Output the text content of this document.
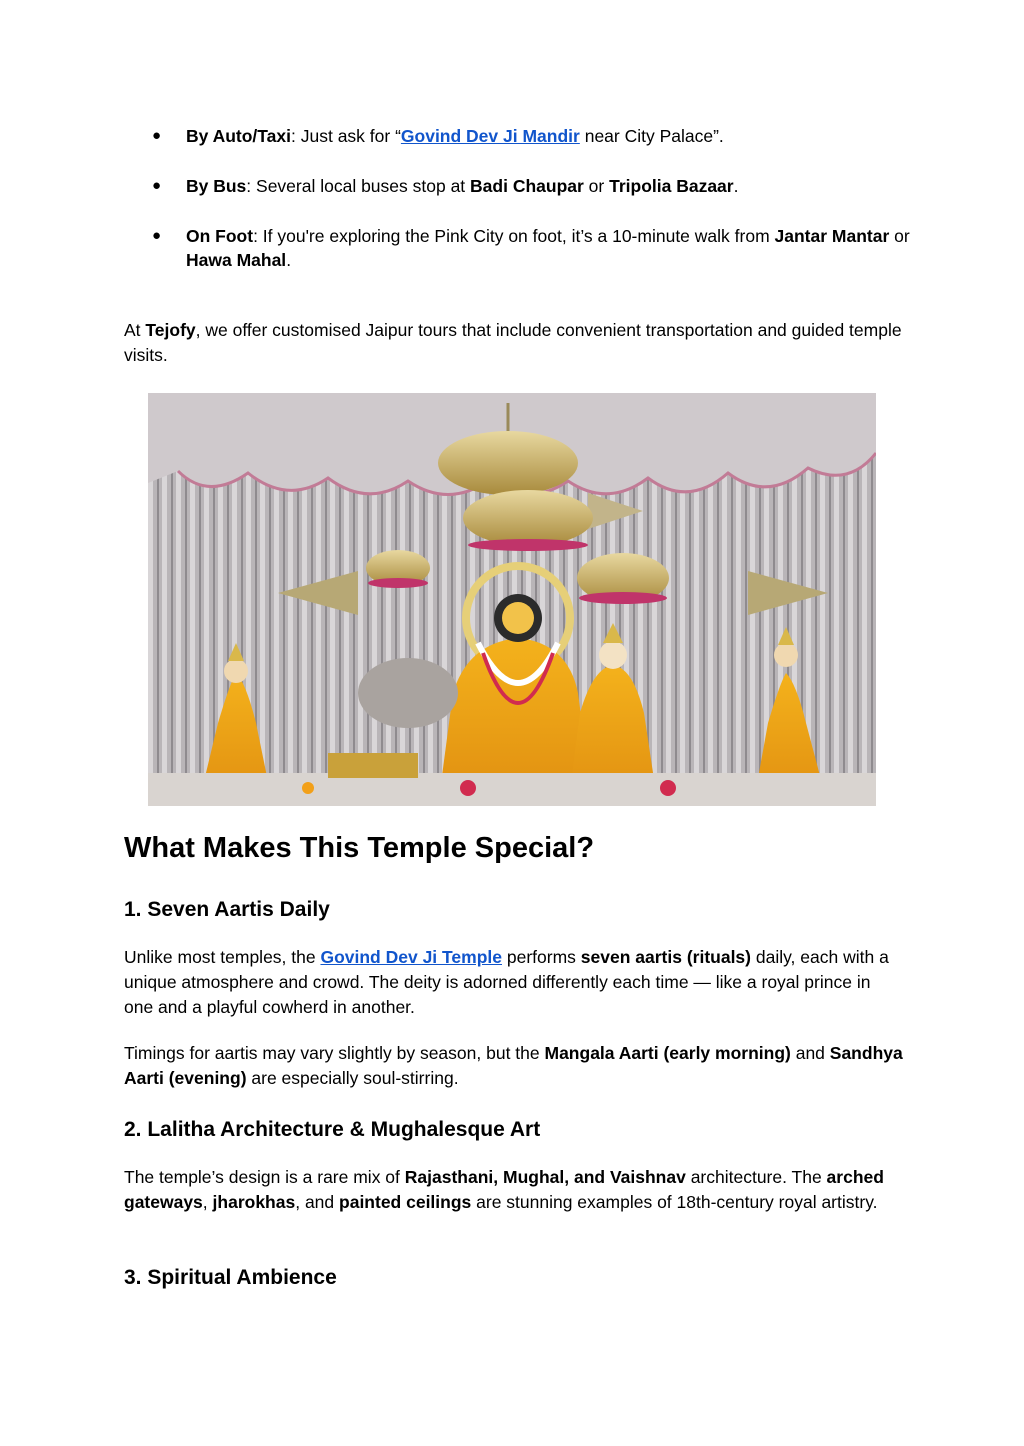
● By Auto/Taxi: Just ask for “Govind Dev Ji Mandir near City Palace”.
● By Bus: Several local buses stop at Badi Chaupar or Tripolia Bazaar.
● On Foot: If you're exploring the Pink City on foot, it’s a 10-minute walk from Jantar Mantar or Hawa Mahal.

At Tejofy, we offer customised Jaipur tours that include convenient transportation and guided temple visits.

What Makes This Temple Special?
1. Seven Aartis Daily

Unlike most temples, the Govind Dev Ji Temple performs seven aartis (rituals) daily, each with a unique atmosphere and crowd. The deity is adorned differently each time — like a royal prince in one and a playful cowherd in another.

Timings for aartis may vary slightly by season, but the Mangala Aarti (early morning) and Sandhya Aarti (evening) are especially soul-stirring.

2. Lalitha Architecture & Mughalesque Art

The temple’s design is a rare mix of Rajasthani, Mughal, and Vaishnav architecture. The arched gateways, jharokhas, and painted ceilings are stunning examples of 18th-century royal artistry.

3. Spiritual Ambience
